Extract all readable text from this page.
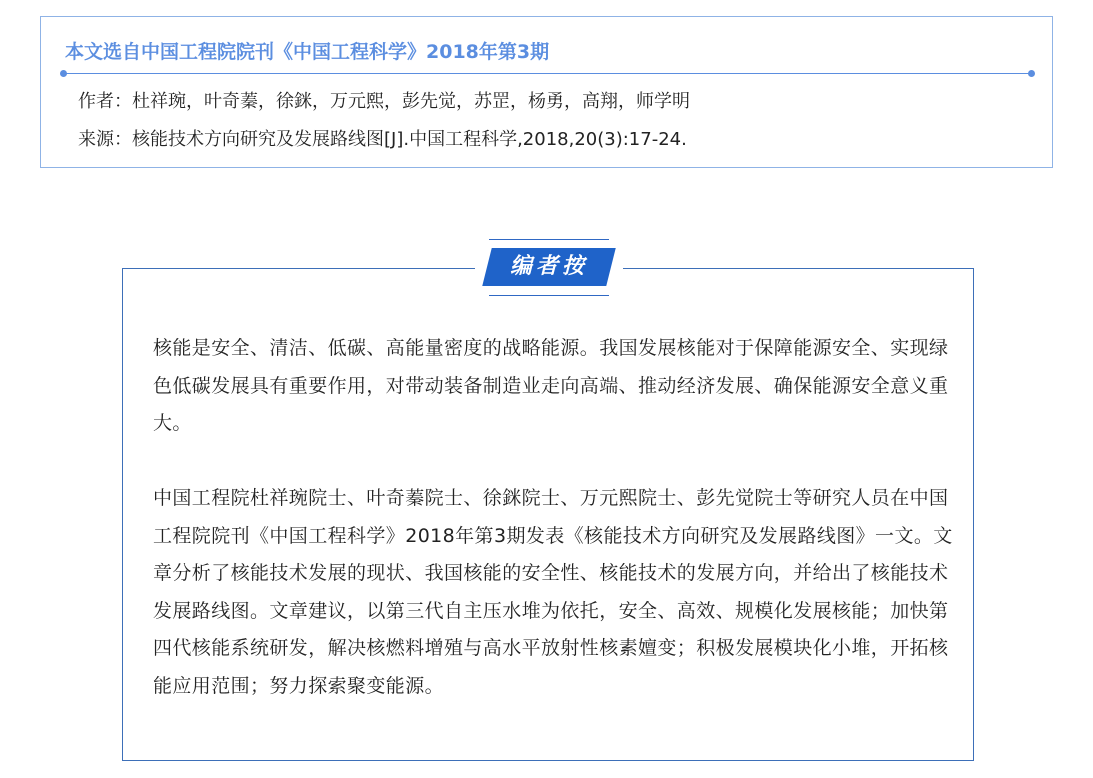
本文选自中国工程院院刊《中国工程科学》2018年第3期
作者：杜祥琬，叶奇蓁，徐銤，万元熙，彭先觉，苏罡，杨勇，高翔，师学明
来源：核能技术方向研究及发展路线图[J].中国工程科学,2018,20(3):17-24.
编者按

核能是安全、清洁、低碳、高能量密度的战略能源。我国发展核能对于保障能源安全、实现绿色低碳发展具有重要作用，对带动装备制造业走向高端、推动经济发展、确保能源安全意义重大。

中国工程院杜祥琬院士、叶奇蓁院士、徐銤院士、万元熙院士、彭先觉院士等研究人员在中国工程院院刊《中国工程科学》2018年第3期发表《核能技术方向研究及发展路线图》一文。文章分析了核能技术发展的现状、我国核能的安全性、核能技术的发展方向，并给出了核能技术发展路线图。文章建议，以第三代自主压水堆为依托，安全、高效、规模化发展核能；加快第四代核能系统研发，解决核燃料增殖与高水平放射性核素嬗变；积极发展模块化小堆，开拓核能应用范围；努力探索聚变能源。
